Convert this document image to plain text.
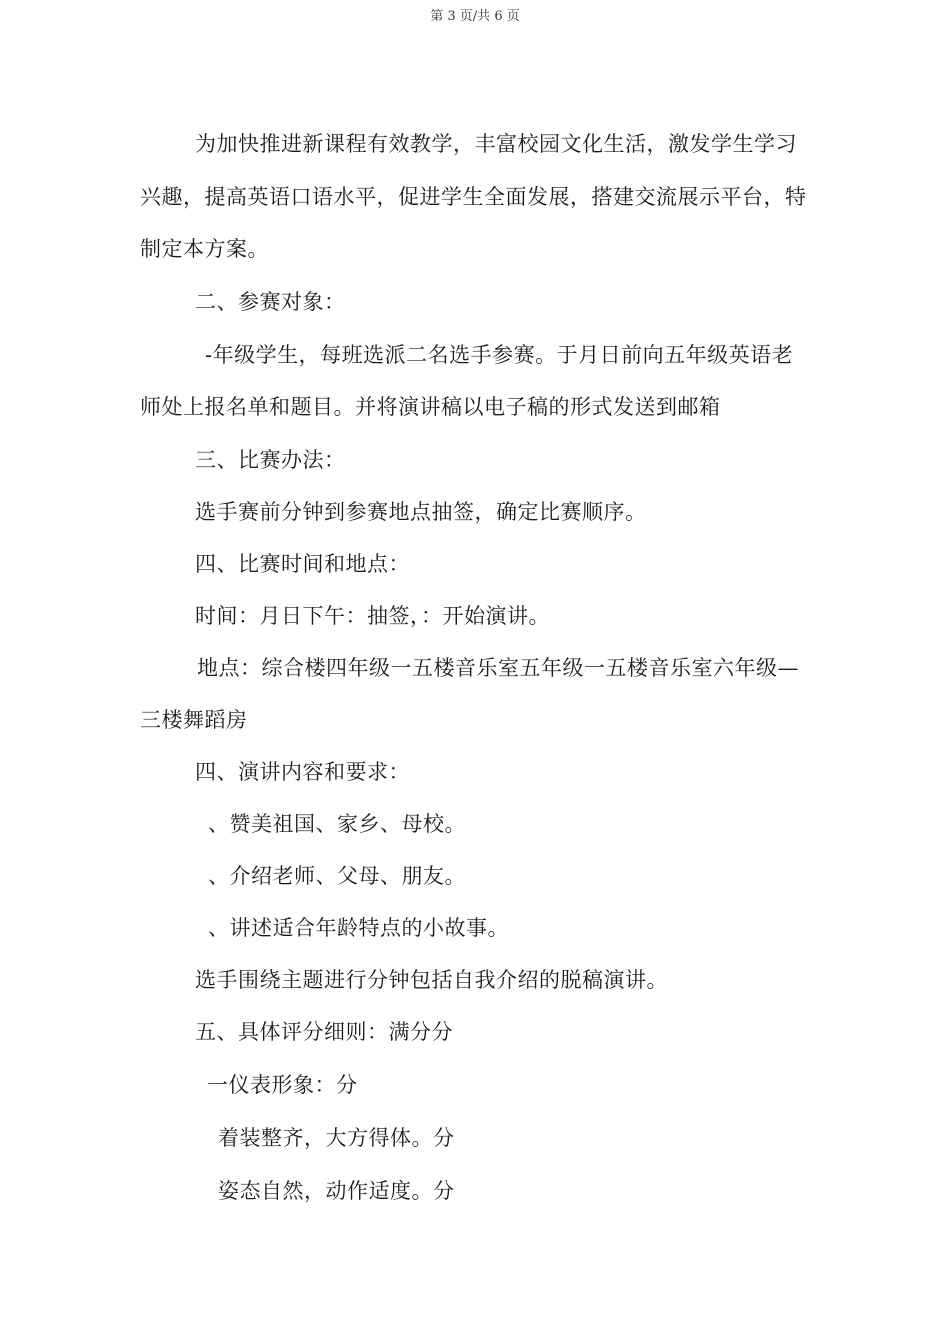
第 3 页/共 6 页
为加快推进新课程有效教学，丰富校园文化生活，激发学生学习
兴趣，提高英语口语水平，促进学生全面发展，搭建交流展示平台，特
制定本方案。
二、参赛对象：
-年级学生，每班选派二名选手参赛。于月日前向五年级英语老
师处上报名单和题目。并将演讲稿以电子稿的形式发送到邮箱
三、比赛办法：
选手赛前分钟到参赛地点抽签，确定比赛顺序。
四、比赛时间和地点：
时间：月日下午：抽签，：开始演讲。
地点：综合楼四年级一五楼音乐室五年级一五楼音乐室六年级—
三楼舞蹈房
四、演讲内容和要求：
、赞美祖国、家乡、母校。
、介绍老师、父母、朋友。
、讲述适合年龄特点的小故事。
选手围绕主题进行分钟包括自我介绍的脱稿演讲。
五、具体评分细则：满分分
一仪表形象：分
着装整齐，大方得体。分
姿态自然，动作适度。分
